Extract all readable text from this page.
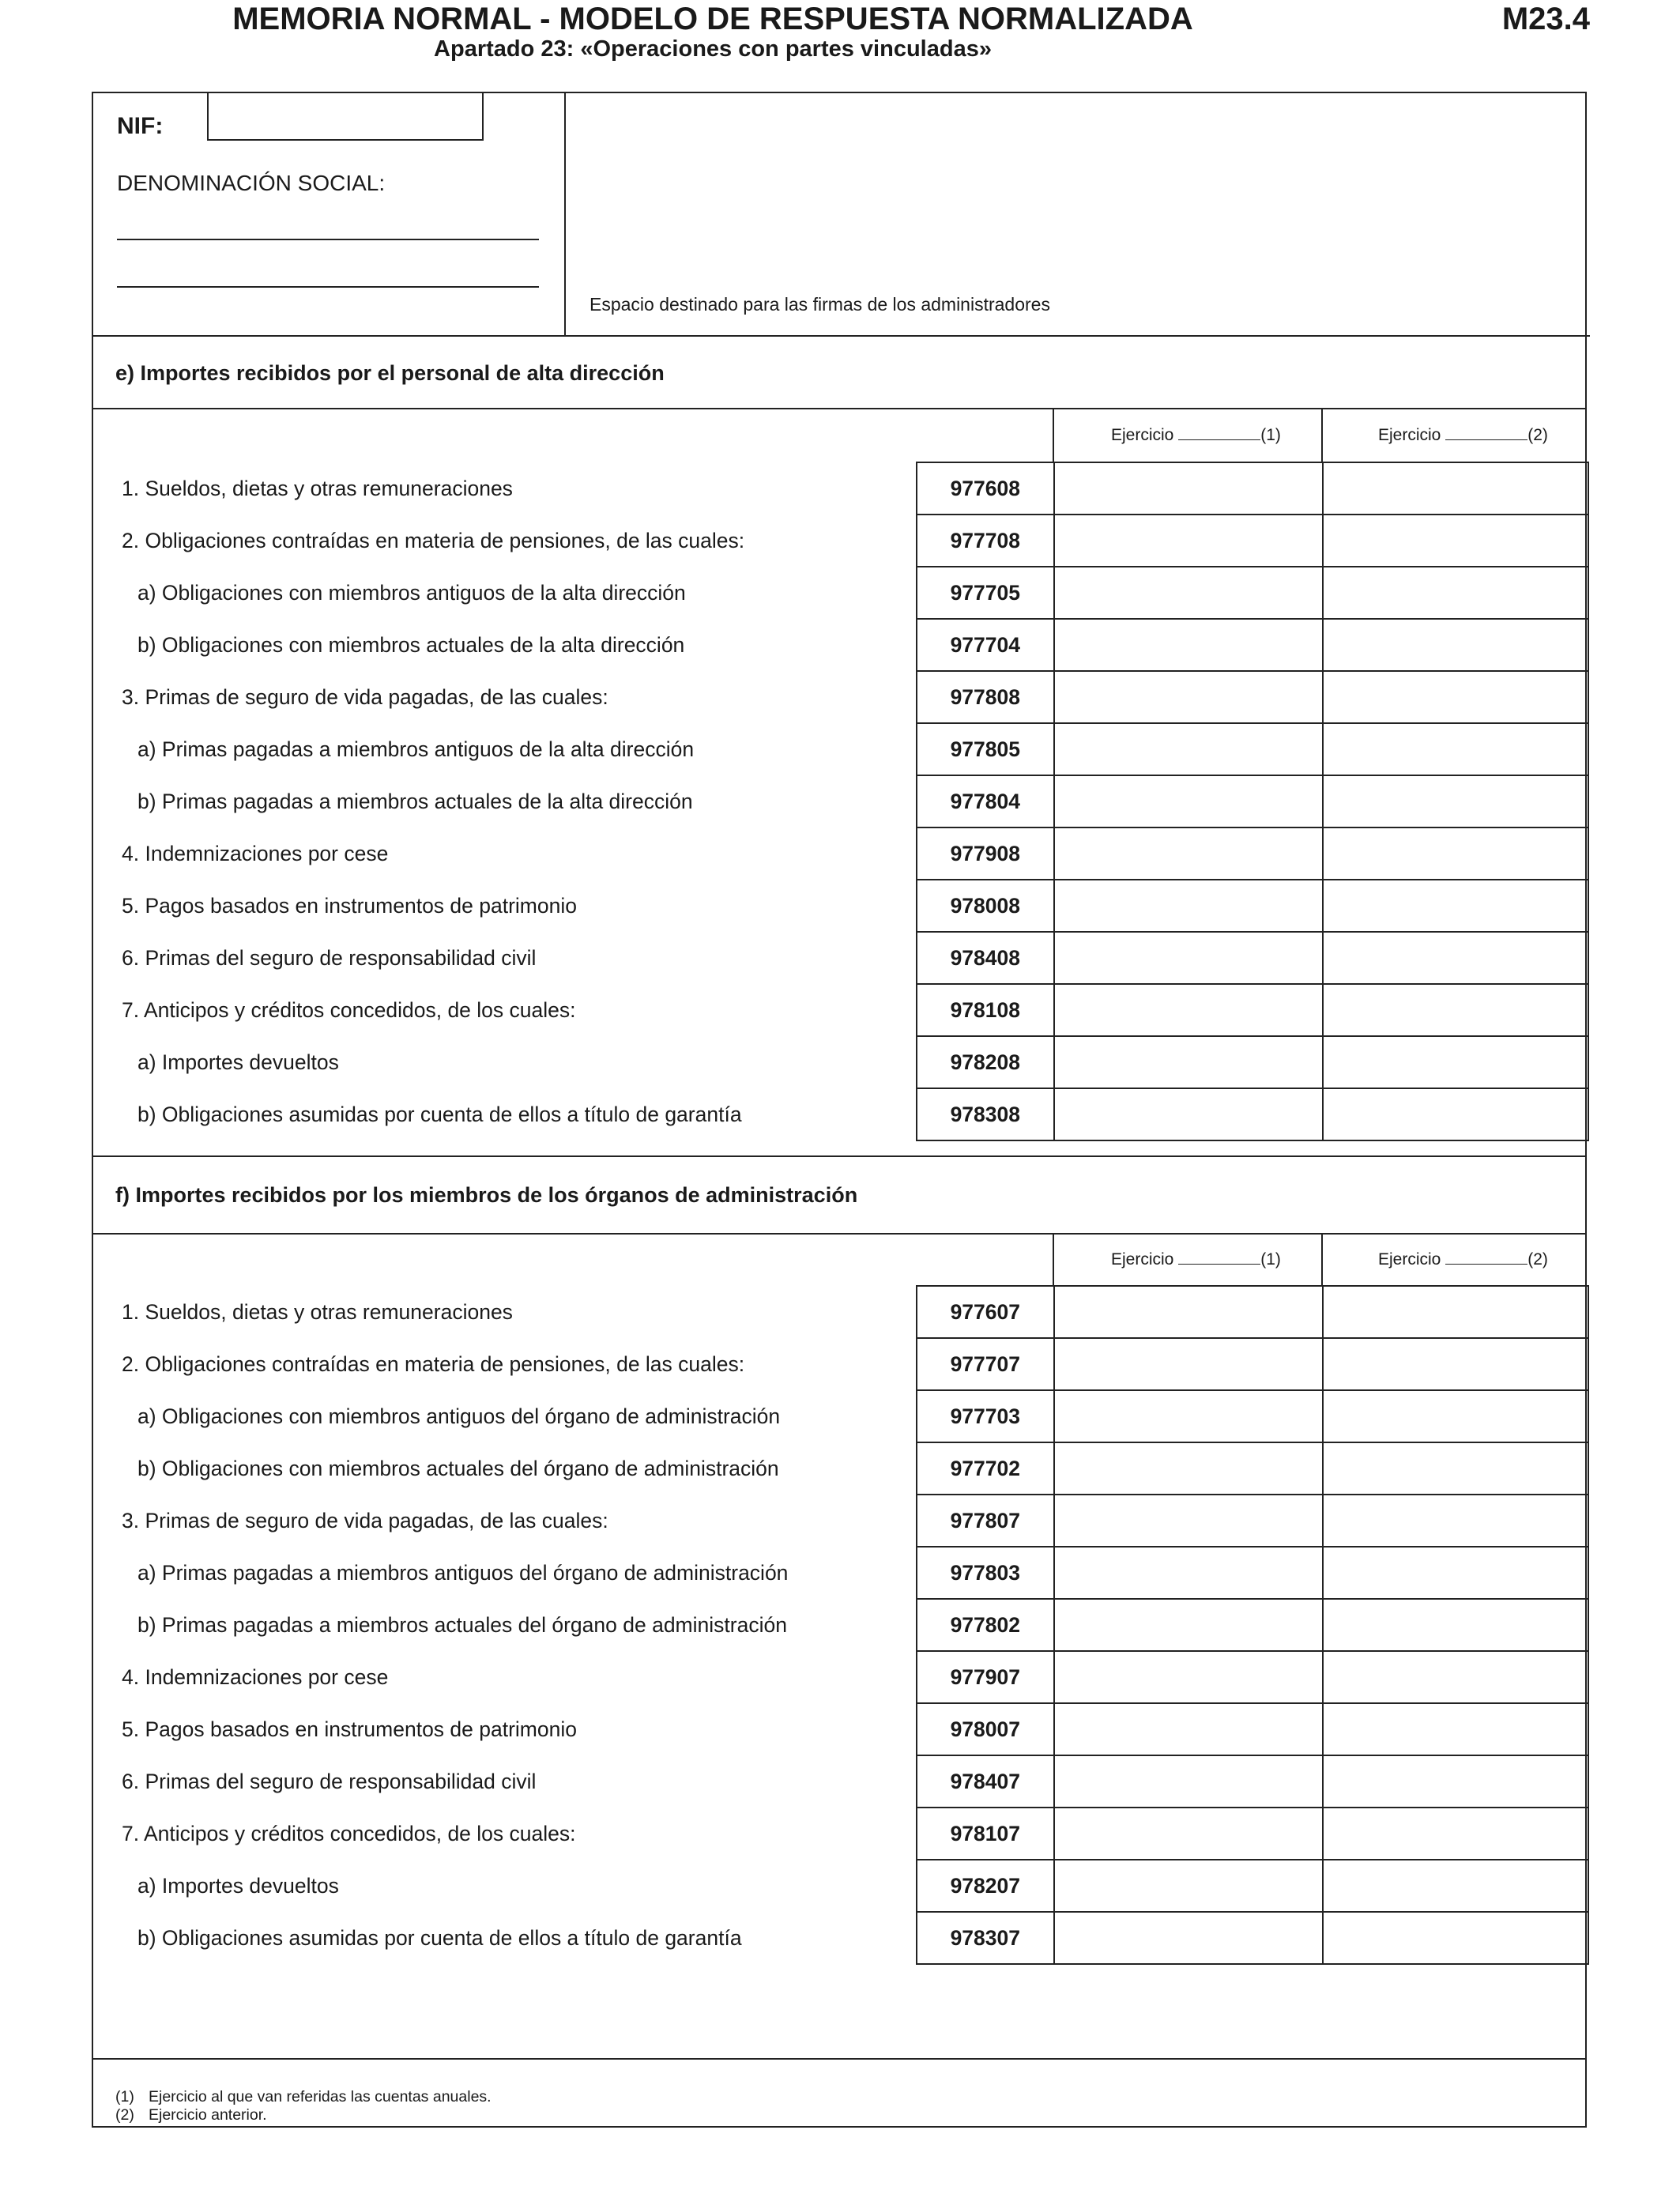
MEMORIA NORMAL - MODELO DE RESPUESTA NORMALIZADA
Apartado 23: «Operaciones con partes vinculadas»
M23.4
NIF:
DENOMINACIÓN SOCIAL:
Espacio destinado para las firmas de los administradores
e) Importes recibidos por el personal de alta dirección
Ejercicio	(1)	Ejercicio	(2)
1. Sueldos, dietas y otras remuneraciones	977608		
2. Obligaciones contraídas en materia de pensiones, de las cuales:	977708		
a) Obligaciones con miembros antiguos de la alta dirección	977705		
b) Obligaciones con miembros actuales de la alta dirección	977704		
3. Primas de seguro de vida pagadas, de las cuales:	977808		
a) Primas pagadas a miembros antiguos de la alta dirección	977805		
b) Primas pagadas a miembros actuales de la alta dirección	977804		
4. Indemnizaciones por cese	977908		
5. Pagos basados en instrumentos de patrimonio	978008		
6. Primas del seguro de responsabilidad civil	978408		
7. Anticipos y créditos concedidos, de los cuales:	978108		
a) Importes devueltos	978208		
b) Obligaciones asumidas por cuenta de ellos a título de garantía	978308		
f) Importes recibidos por los miembros de los órganos de administración
Ejercicio	(1)	Ejercicio	(2)
1. Sueldos, dietas y otras remuneraciones	977607		
2. Obligaciones contraídas en materia de pensiones, de las cuales:	977707		
a) Obligaciones con miembros antiguos del órgano de administración	977703		
b) Obligaciones con miembros actuales del órgano de administración	977702		
3. Primas de seguro de vida pagadas, de las cuales:	977807		
a) Primas pagadas a miembros antiguos del órgano de administración	977803		
b) Primas pagadas a miembros actuales del órgano de administración	977802		
4. Indemnizaciones por cese	977907		
5. Pagos basados en instrumentos de patrimonio	978007		
6. Primas del seguro de responsabilidad civil	978407		
7. Anticipos y créditos concedidos, de los cuales:	978107		
a) Importes devueltos	978207		
b) Obligaciones asumidas por cuenta de ellos a título de garantía	978307		
(1) Ejercicio al que van referidas las cuentas anuales.
(2) Ejercicio anterior.
